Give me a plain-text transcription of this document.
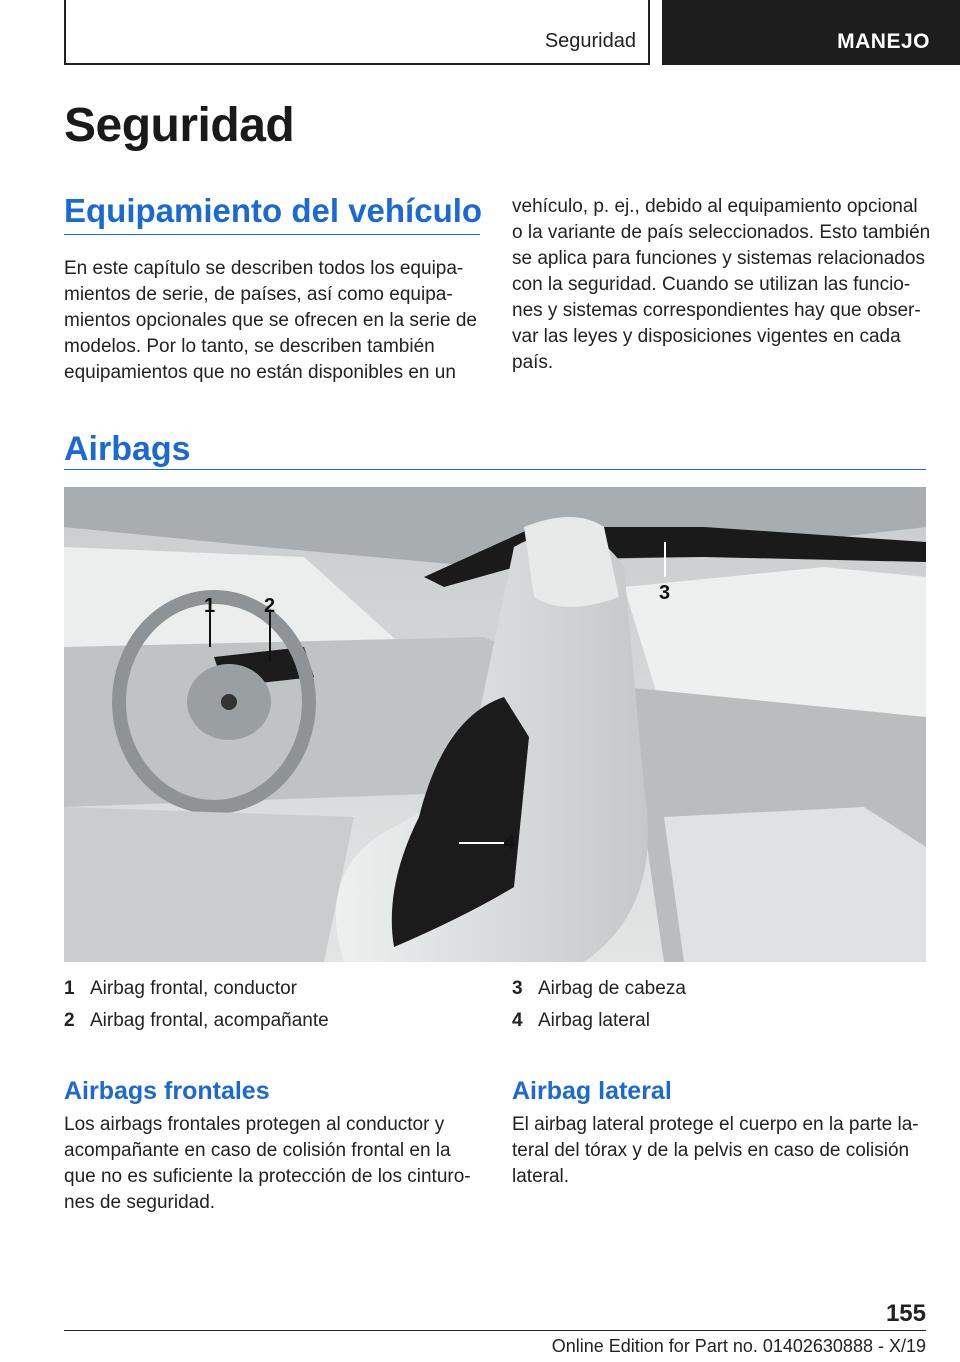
Seguridad	MANEJO
Seguridad
Equipamiento del vehículo
En este capítulo se describen todos los equipa-
mientos de serie, de países, así como equipa-
mientos opcionales que se ofrecen en la serie de
modelos. Por lo tanto, se describen también
equipamientos que no están disponibles en un
vehículo, p. ej., debido al equipamiento opcional
o la variante de país seleccionados. Esto también
se aplica para funciones y sistemas relacionados
con la seguridad. Cuando se utilizan las funcio-
nes y sistemas correspondientes hay que obser-
var las leyes y disposiciones vigentes en cada
país.
Airbags
1 2
3
4
1 Airbag frontal, conductor
2 Airbag frontal, acompañante
3 Airbag de cabeza
4 Airbag lateral
Airbags frontales
Los airbags frontales protegen al conductor y
acompañante en caso de colisión frontal en la
que no es suficiente la protección de los cinturo-
nes de seguridad.
Airbag lateral
El airbag lateral protege el cuerpo en la parte la-
teral del tórax y de la pelvis en caso de colisión
lateral.
155
Online Edition for Part no. 01402630888 - X/19
